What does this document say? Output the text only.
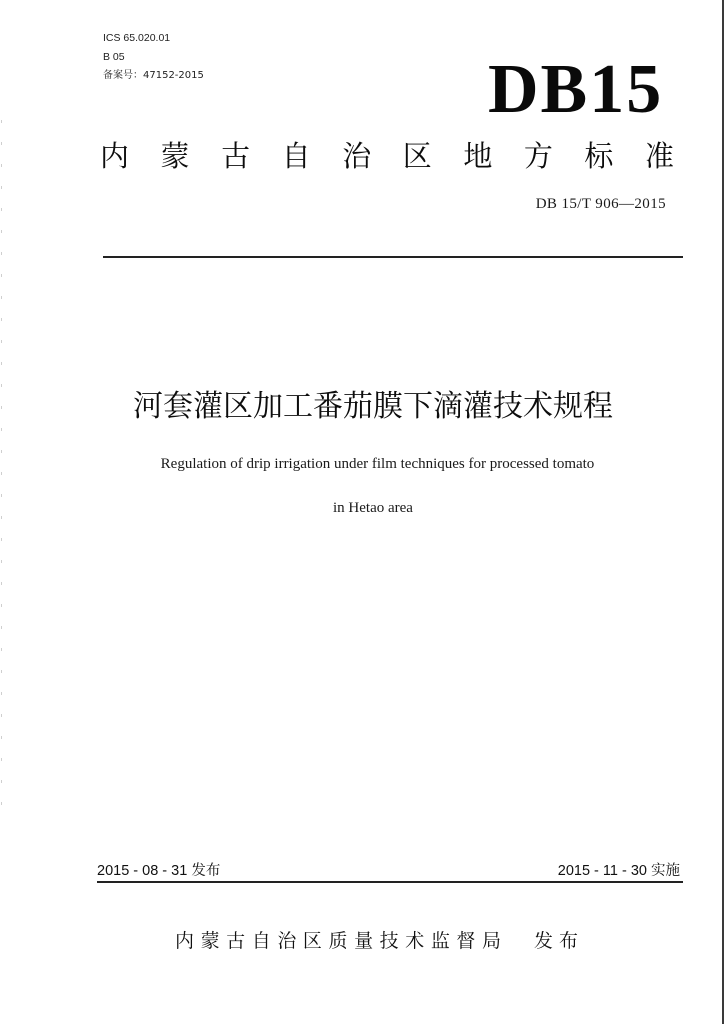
ICS 65.020.01
B 05
备案号：47152-2015	DB15
内蒙古自治区地方标准
DB 15/T 906—2015
河套灌区加工番茄膜下滴灌技术规程
Regulation of drip irrigation under film techniques for processed tomato
in Hetao area
2015 - 08 - 31 发布	2015 - 11 - 30 实施
内蒙古自治区质量技术监督局 发 布
